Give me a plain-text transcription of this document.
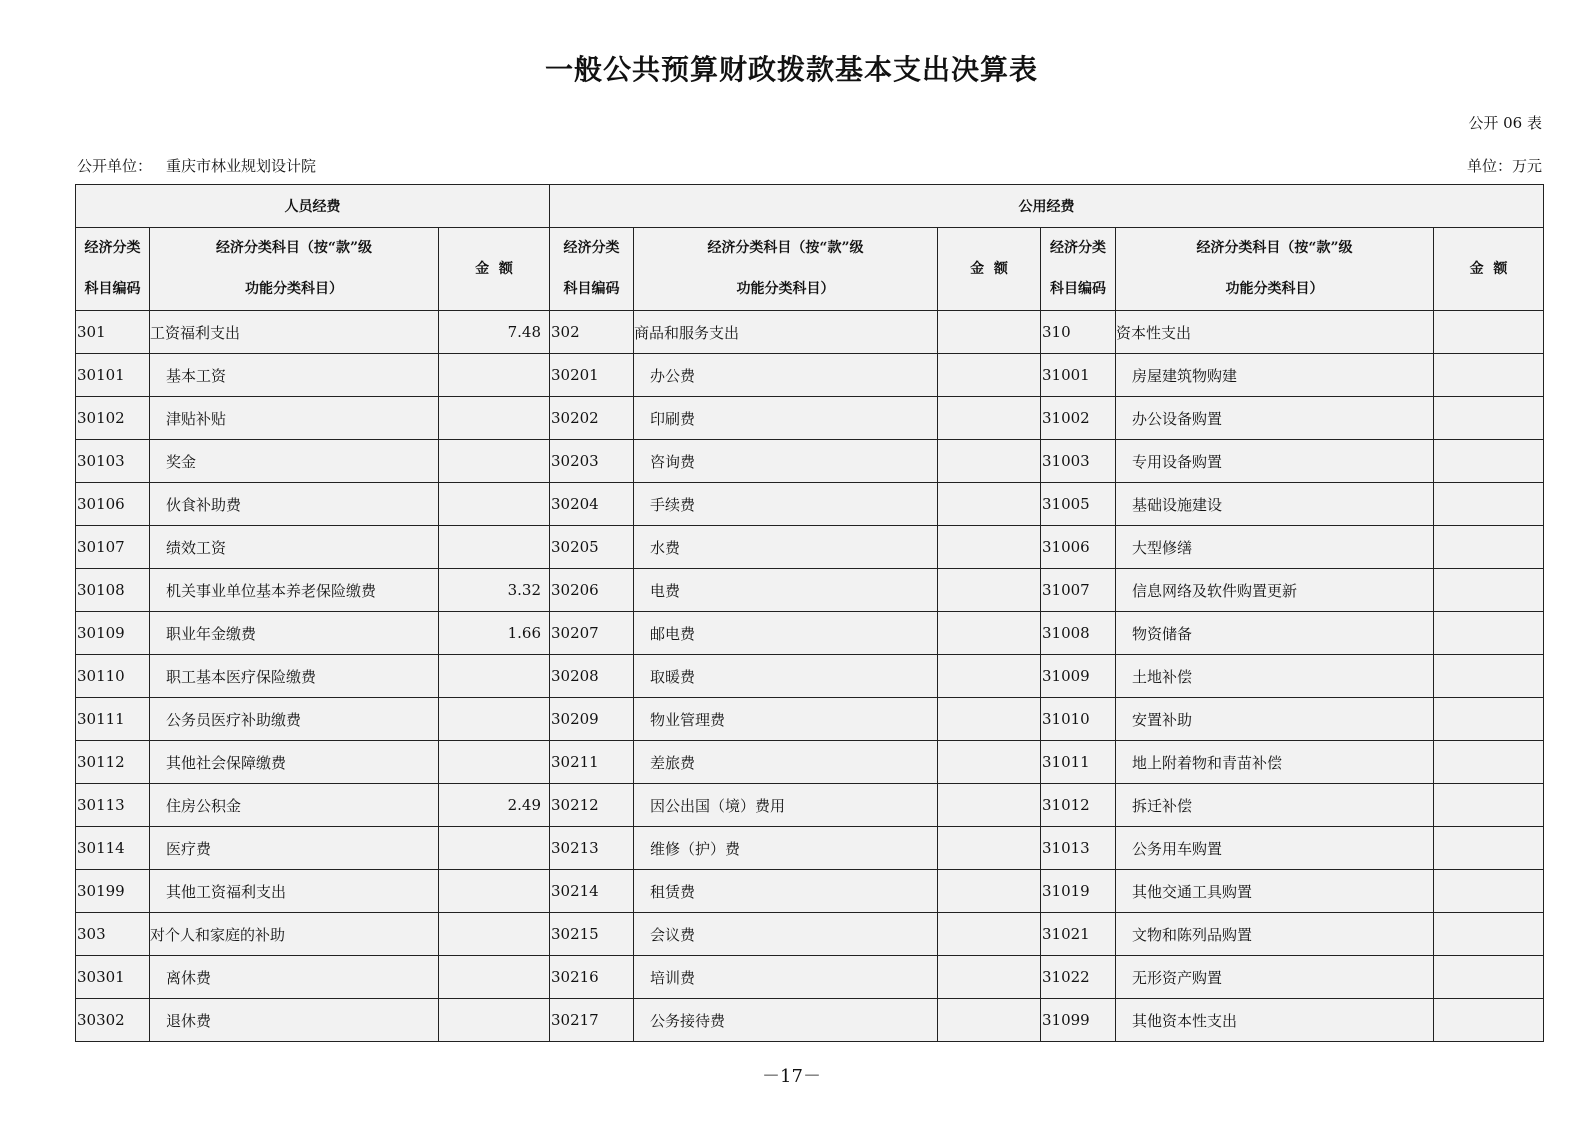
一般公共预算财政拨款基本支出决算表
公开 06 表
公开单位： 重庆市林业规划设计院	单位：万元
人员经费			公用经费					
经济分类
科目编码	经济分类科目（按“款”级
功能分类科目）	金  额	经济分类
科目编码	经济分类科目（按“款”级
功能分类科目）	金  额	经济分类
科目编码	经济分类科目（按“款”级
功能分类科目）	金  额
301	工资福利支出	7.48	302	商品和服务支出		310	资本性支出	
30101	基本工资		30201	办公费		31001	房屋建筑物购建	
30102	津贴补贴		30202	印刷费		31002	办公设备购置	
30103	奖金		30203	咨询费		31003	专用设备购置	
30106	伙食补助费		30204	手续费		31005	基础设施建设	
30107	绩效工资		30205	水费		31006	大型修缮	
30108	机关事业单位基本养老保险缴费	3.32	30206	电费		31007	信息网络及软件购置更新	
30109	职业年金缴费	1.66	30207	邮电费		31008	物资储备	
30110	职工基本医疗保险缴费		30208	取暖费		31009	土地补偿	
30111	公务员医疗补助缴费		30209	物业管理费		31010	安置补助	
30112	其他社会保障缴费		30211	差旅费		31011	地上附着物和青苗补偿	
30113	住房公积金	2.49	30212	因公出国（境）费用		31012	拆迁补偿	
30114	医疗费		30213	维修（护）费		31013	公务用车购置	
30199	其他工资福利支出		30214	租赁费		31019	其他交通工具购置	
303	对个人和家庭的补助		30215	会议费		31021	文物和陈列品购置	
30301	离休费		30216	培训费		31022	无形资产购置	
30302	退休费		30217	公务接待费		31099	其他资本性支出	
－17－
